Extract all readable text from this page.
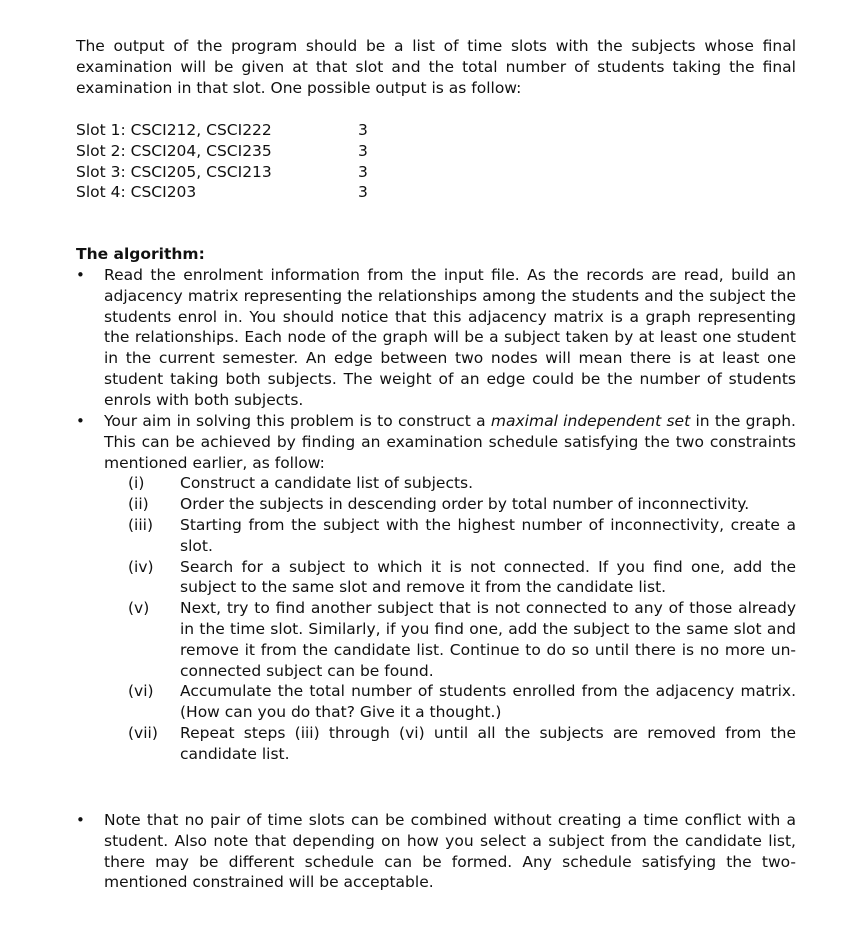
The output of the program should be a list of time slots with the subjects whose final examination will be given at that slot and the total number of students taking the final examination in that slot. One possible output is as follow:

Slot 1: CSCI212, CSCI222	3
Slot 2: CSCI204, CSCI235	3
Slot 3: CSCI205, CSCI213	3
Slot 4: CSCI203	3
The algorithm:
•	Read the enrolment information from the input file. As the records are read, build an adjacency matrix representing the relationships among the students and the subject the students enrol in. You should notice that this adjacency matrix is a graph representing the relationships. Each node of the graph will be a subject taken by at least one student in the current semester. An edge between two nodes will mean there is at least one student taking both subjects. The weight of an edge could be the number of students enrols with both subjects.
•	Your aim in solving this problem is to construct a maximal independent set in the graph. This can be achieved by finding an examination schedule satisfying the two constraints mentioned earlier, as follow:
(i)	Construct a candidate list of subjects.
(ii)	Order the subjects in descending order by total number of inconnectivity.
(iii)	Starting from the subject with the highest number of inconnectivity, create a slot.
(iv)	Search for a subject to which it is not connected. If you find one, add the subject to the same slot and remove it from the candidate list.
(v)	Next, try to find another subject that is not connected to any of those already in the time slot. Similarly, if you find one, add the subject to the same slot and remove it from the candidate list. Continue to do so until there is no more un-connected subject can be found.
(vi)	Accumulate the total number of students enrolled from the adjacency matrix. (How can you do that? Give it a thought.)
(vii)	Repeat steps (iii) through (vi) until all the subjects are removed from the candidate list.
•	Note that no pair of time slots can be combined without creating a time conflict with a student. Also note that depending on how you select a subject from the candidate list, there may be different schedule can be formed. Any schedule satisfying the two-mentioned constrained will be acceptable.
